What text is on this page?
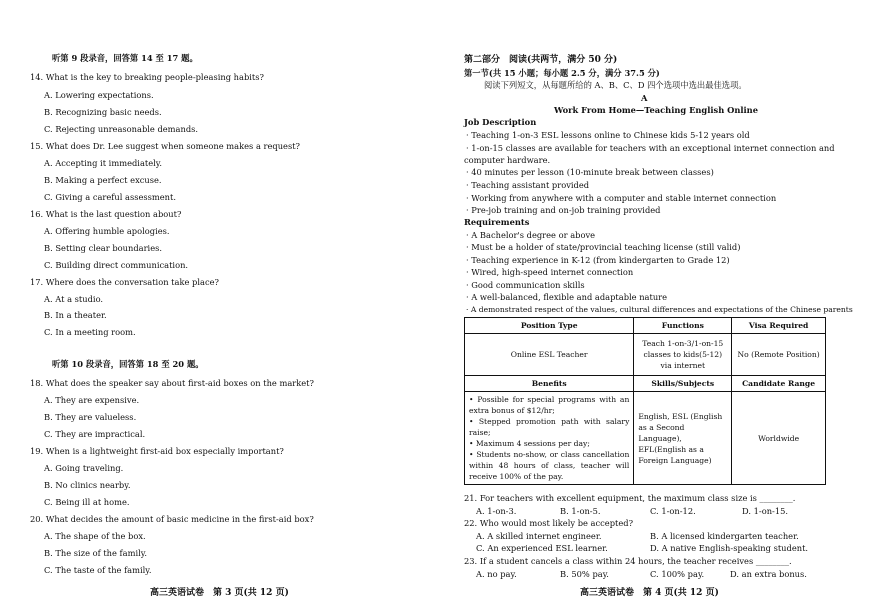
听第 9 段录音，回答第 14 至 17 题。
14. What is the key to breaking people-pleasing habits?
A. Lowering expectations.
B. Recognizing basic needs.
C. Rejecting unreasonable demands.
15. What does Dr. Lee suggest when someone makes a request?
A. Accepting it immediately.
B. Making a perfect excuse.
C. Giving a careful assessment.
16. What is the last question about?
A. Offering humble apologies.
B. Setting clear boundaries.
C. Building direct communication.
17. Where does the conversation take place?
A. At a studio.
B. In a theater.
C. In a meeting room.
听第 10 段录音，回答第 18 至 20 题。
18. What does the speaker say about first-aid boxes on the market?
A. They are expensive.
B. They are valueless.
C. They are impractical.
19. When is a lightweight first-aid box especially important?
A. Going traveling.
B. No clinics nearby.
C. Being ill at home.
20. What decides the amount of basic medicine in the first-aid box?
A. The shape of the box.
B. The size of the family.
C. The taste of the family.
高三英语试卷　第 3 页(共 12 页)
第二部分　阅读(共两节，满分 50 分)
第一节(共 15 小题；每小题 2.5 分，满分 37.5 分)
阅读下列短文，从每题所给的 A、B、C、D 四个选项中选出最佳选项。
A
Work From Home—Teaching English Online
Job Description
· Teaching 1-on-3 ESL lessons online to Chinese kids 5-12 years old
· 1-on-15 classes are available for teachers with an exceptional internet connection and
computer hardware.
· 40 minutes per lesson (10-minute break between classes)
· Teaching assistant provided
· Working from anywhere with a computer and stable internet connection
· Pre-job training and on-job training provided
Requirements
· A Bachelor's degree or above
· Must be a holder of state/provincial teaching license (still valid)
· Teaching experience in K-12 (from kindergarten to Grade 12)
· Wired, high-speed internet connection
· Good communication skills
· A well-balanced, flexible and adaptable nature
· A demonstrated respect of the values, cultural differences and expectations of the Chinese parents
Position Type	Functions	Visa Required
Online ESL Teacher	Teach 1-on-3/1-on-15 classes to kids(5-12) via internet	No (Remote Position)
Benefits	Skills/Subjects	Candidate Range

• Possible for special programs with an extra bonus of $12/hr;
• Stepped promotion path with salary raise;
• Maximum 4 sessions per day;
• Students no-show, or class cancellation within 48 hours of class, teacher will receive 100% of the pay.	English, ESL (English as a Second Language), EFL(English as a Foreign Language)	Worldwide
21. For teachers with excellent equipment, the maximum class size is ________.
A. 1-on-3.	B. 1-on-5.	C. 1-on-12.	D. 1-on-15.
22. Who would most likely be accepted?
A. A skilled internet engineer.	B. A licensed kindergarten teacher.
C. An experienced ESL learner.	D. A native English-speaking student.
23. If a student cancels a class within 24 hours, the teacher receives ________.
A. no pay.	B. 50% pay.	C. 100% pay.	D. an extra bonus.
高三英语试卷　第 4 页(共 12 页)
